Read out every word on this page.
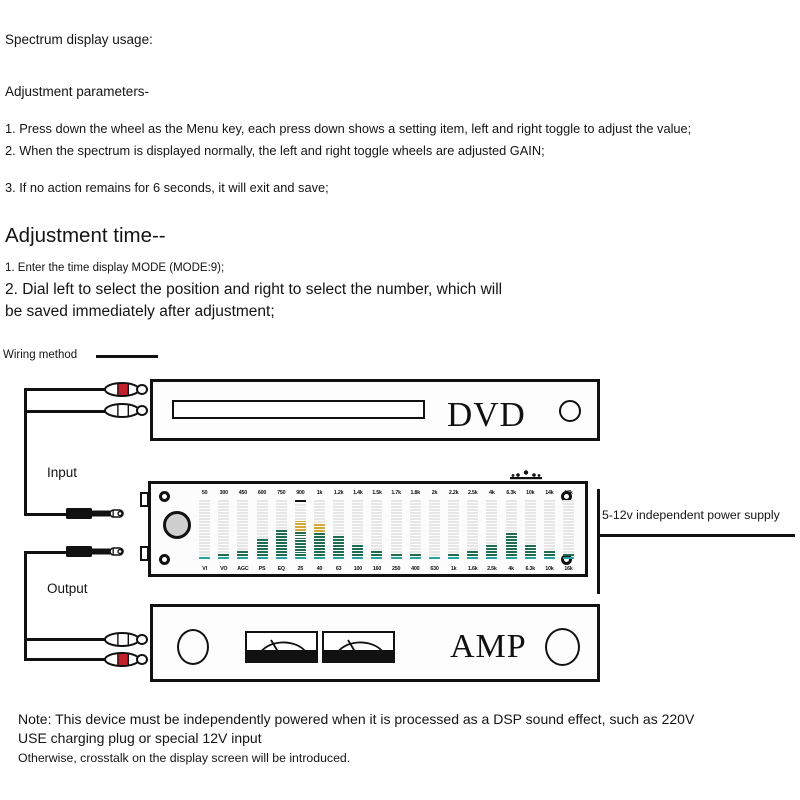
Spectrum display usage:
Adjustment parameters-
1. Press down the wheel as the Menu key, each press down shows a setting item, left and right toggle to adjust the value;
2. When the spectrum is displayed normally, the left and right toggle wheels are adjusted GAIN;
3. If no action remains for 6 seconds, it will exit and save;
Adjustment time--
1. Enter the time display MODE (MODE:9);
2. Dial left to select the position and right to select the number, which will
be saved immediately after adjustment;
Wiring method
Note: This device must be independently powered when it is processed as a DSP sound effect, such as 220V
USE charging plug or special 12V input
Otherwise, crosstalk on the display screen will be introduced.
5-12v independent power supply
Input
Output
DVD
50	300	450	600	750	900	1k	1.2k	1.4k	1.5k	1.7k	1.8k	2k	2.2k	2.5k	4k	6.3k	10k	14k	18k
VI	VO	AGC	PS	EQ	25	40	63	100	160	250	400	630	1k	1.6k	2.5k	4k	6.3k	10k	16k
AMP
